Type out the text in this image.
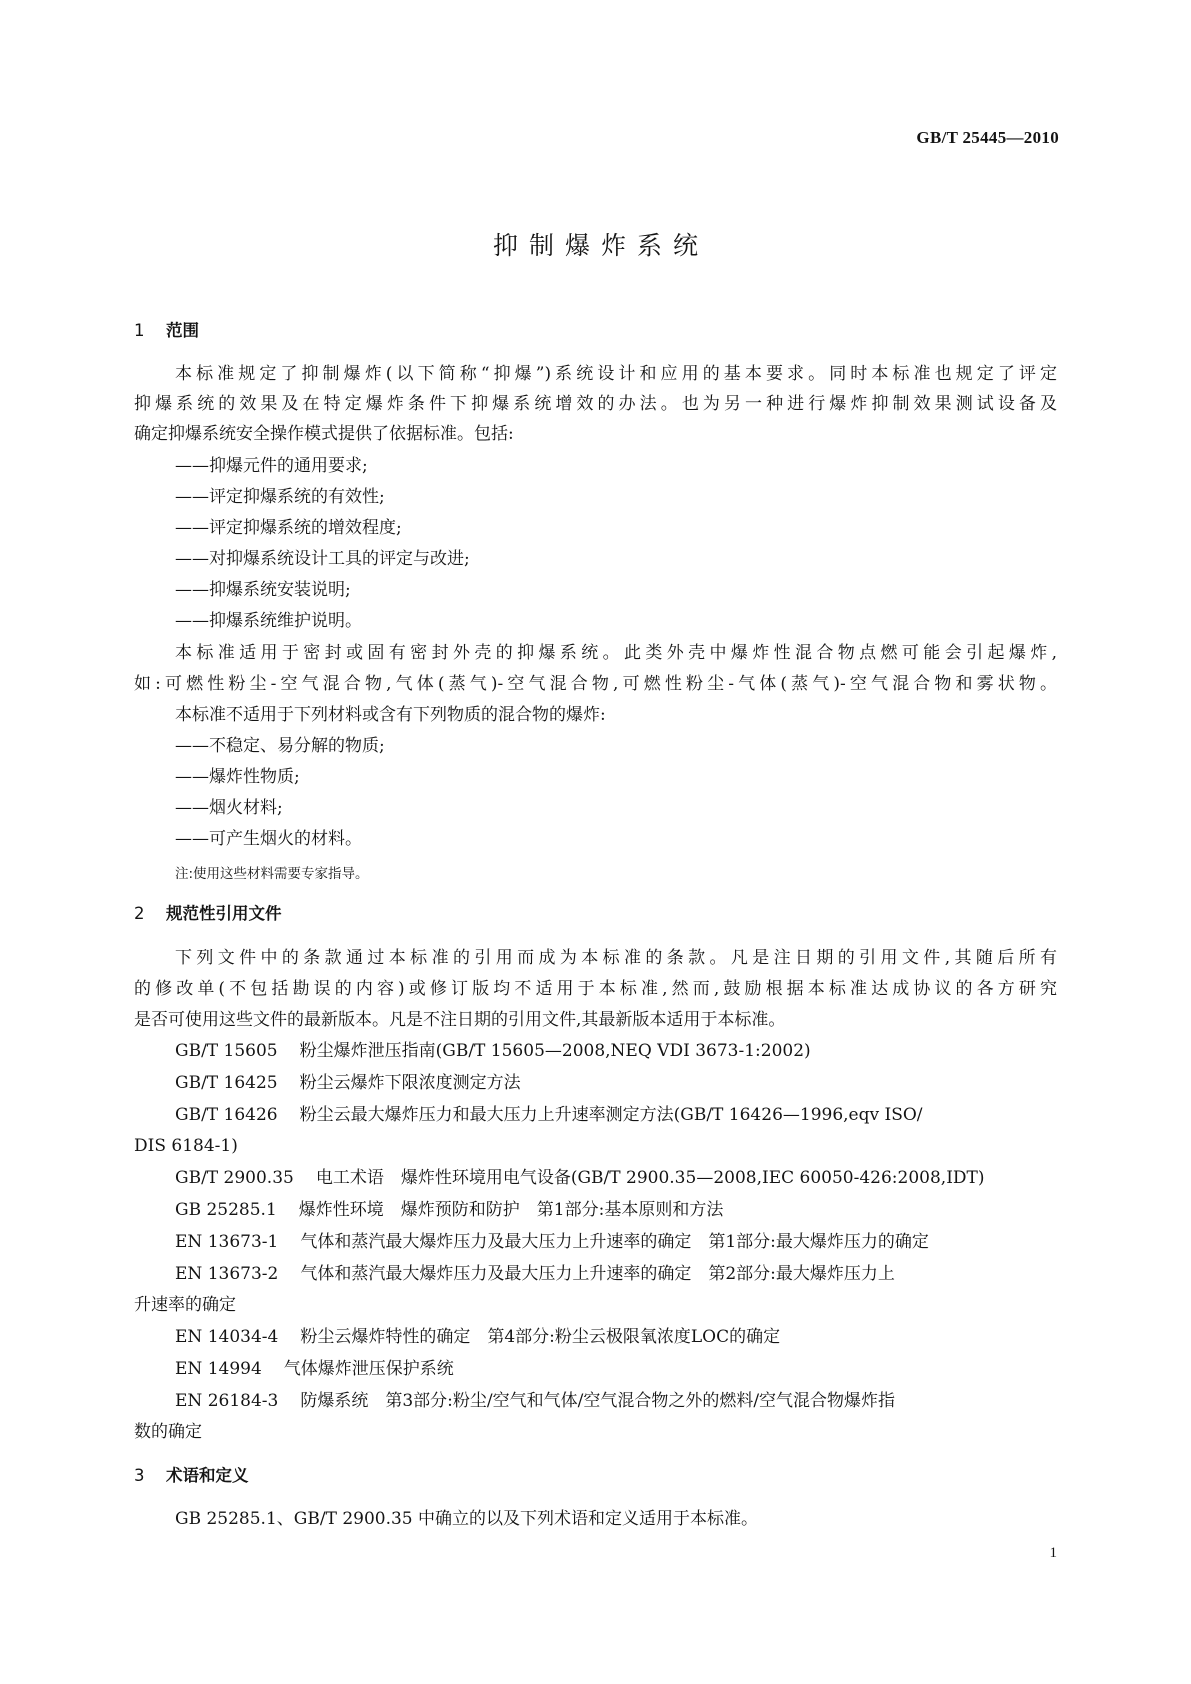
GB/T 25445—2010
抑制爆炸系统
1 范围
本标准规定了抑制爆炸(以下简称“抑爆”)系统设计和应用的基本要求。同时本标准也规定了评定
抑爆系统的效果及在特定爆炸条件下抑爆系统增效的办法。也为另一种进行爆炸抑制效果测试设备及
确定抑爆系统安全操作模式提供了依据标准。包括:
——抑爆元件的通用要求;
——评定抑爆系统的有效性;
——评定抑爆系统的增效程度;
——对抑爆系统设计工具的评定与改进;
——抑爆系统安装说明;
——抑爆系统维护说明。
本标准适用于密封或固有密封外壳的抑爆系统。此类外壳中爆炸性混合物点燃可能会引起爆炸,
如:可燃性粉尘-空气混合物,气体(蒸气)-空气混合物,可燃性粉尘-气体(蒸气)-空气混合物和雾状物。
本标准不适用于下列材料或含有下列物质的混合物的爆炸:
——不稳定、易分解的物质;
——爆炸性物质;
——烟火材料;
——可产生烟火的材料。
注:使用这些材料需要专家指导。
2 规范性引用文件
下列文件中的条款通过本标准的引用而成为本标准的条款。凡是注日期的引用文件,其随后所有
的修改单(不包括勘误的内容)或修订版均不适用于本标准,然而,鼓励根据本标准达成协议的各方研究
是否可使用这些文件的最新版本。凡是不注日期的引用文件,其最新版本适用于本标准。
GB/T 15605 粉尘爆炸泄压指南(GB/T 15605—2008,NEQ VDI 3673-1:2002)
GB/T 16425 粉尘云爆炸下限浓度测定方法
GB/T 16426 粉尘云最大爆炸压力和最大压力上升速率测定方法(GB/T 16426—1996,eqv ISO/
DIS 6184-1)
GB/T 2900.35 电工术语　爆炸性环境用电气设备(GB/T 2900.35—2008,IEC 60050-426:2008,IDT)
GB 25285.1 爆炸性环境　爆炸预防和防护　第1部分:基本原则和方法
EN 13673-1 气体和蒸汽最大爆炸压力及最大压力上升速率的确定　第1部分:最大爆炸压力的确定
EN 13673-2 气体和蒸汽最大爆炸压力及最大压力上升速率的确定　第2部分:最大爆炸压力上
升速率的确定
EN 14034-4 粉尘云爆炸特性的确定　第4部分:粉尘云极限氧浓度LOC的确定
EN 14994 气体爆炸泄压保护系统
EN 26184-3 防爆系统　第3部分:粉尘/空气和气体/空气混合物之外的燃料/空气混合物爆炸指
数的确定
3 术语和定义
GB 25285.1、GB/T 2900.35 中确立的以及下列术语和定义适用于本标准。
1
